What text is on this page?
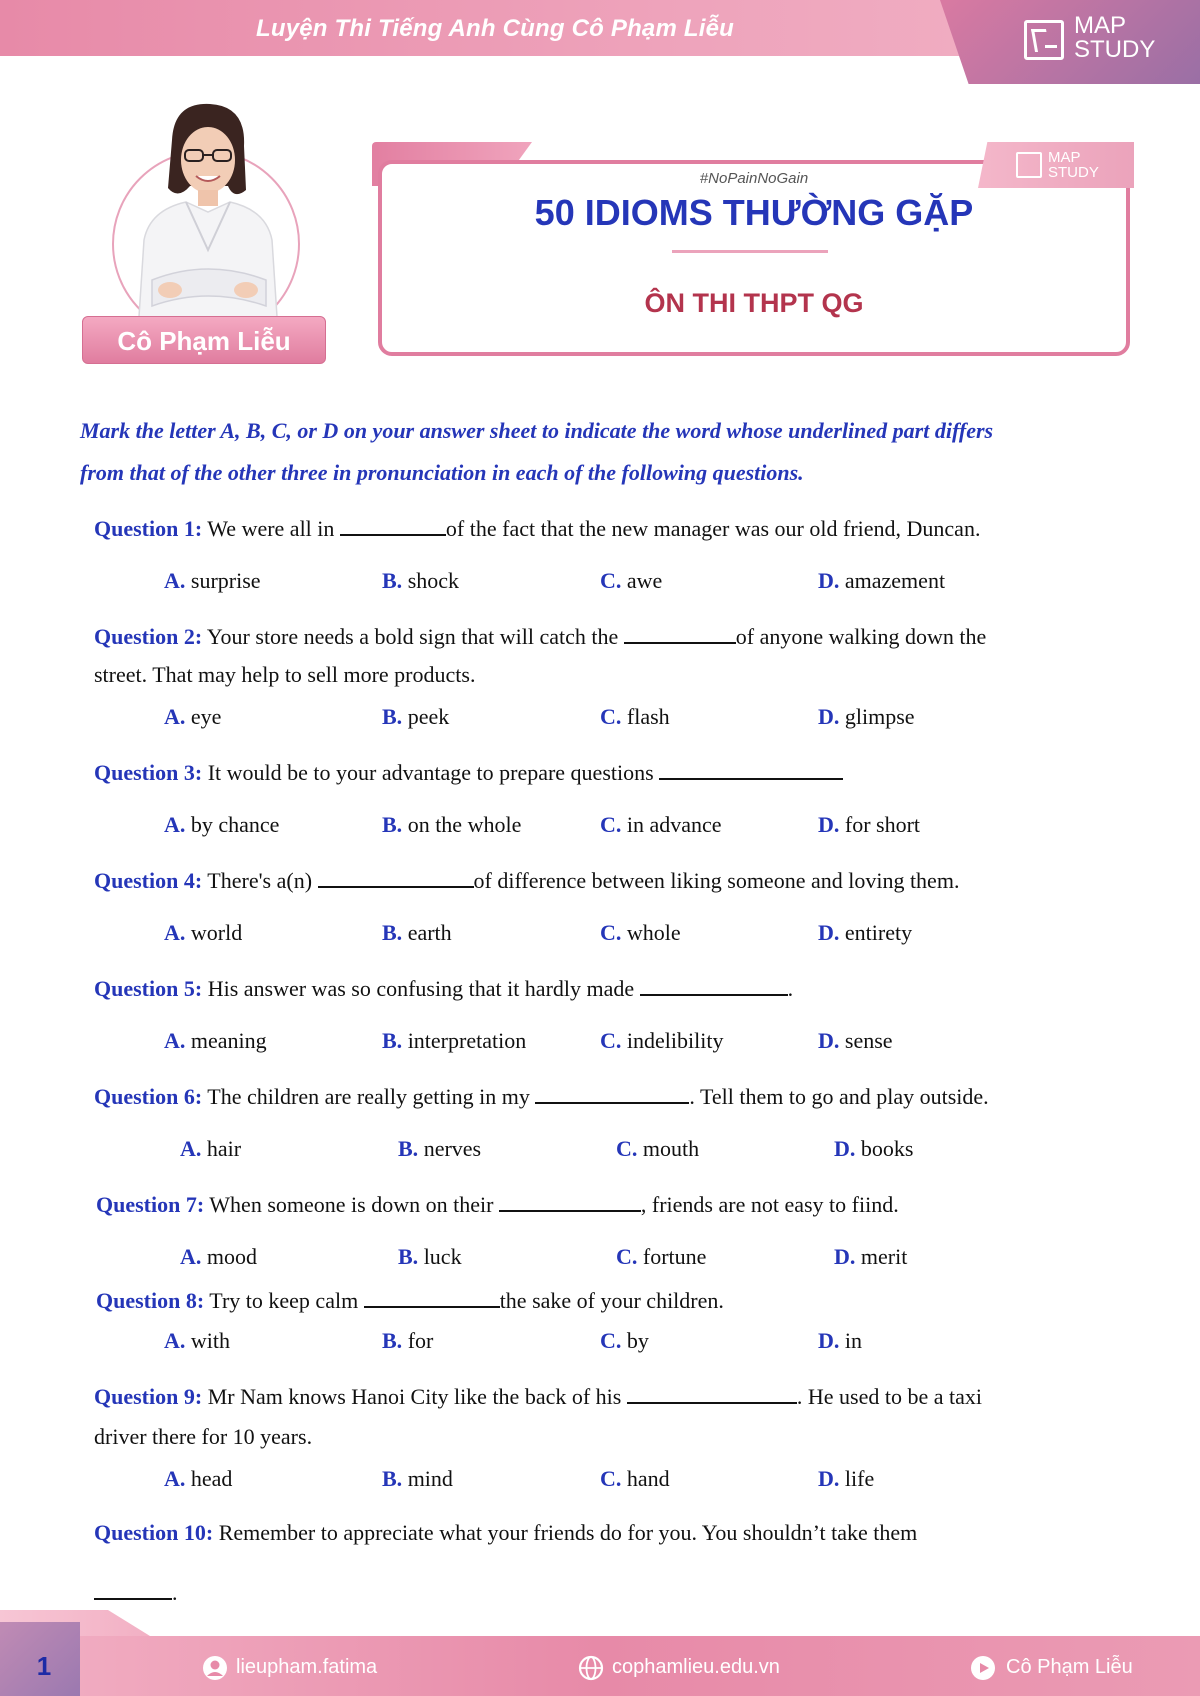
Luyện Thi Tiếng Anh Cùng Cô Phạm Liễu	MAP
STUDY
Cô Phạm Liễu
MAP
STUDY
#NoPainNoGain
50 IDIOMS THƯỜNG GẶP
ÔN THI THPT QG
Mark the letter A, B, C, or D on your answer sheet to indicate the word whose underlined part differs
from that of the other three in pronunciation in each of the following questions.
Question 1: We were all in	of the fact that the new manager was our old friend, Duncan.
A. surprise	B. shock	C. awe	D. amazement
Question 2: Your store needs a bold sign that will catch the	of anyone walking down the
street. That may help to sell more products.
A. eye	B. peek	C. flash	D. glimpse
Question 3: It would be to your advantage to prepare questions
A. by chance	B. on the whole	C. in advance	D. for short
Question 4: There's a(n)	of difference between liking someone and loving them.
A. world	B. earth	C. whole	D. entirety
Question 5: His answer was so confusing that it hardly made	.
A. meaning	B. interpretation	C. indelibility	D. sense
Question 6: The children are really getting in my	. Tell them to go and play outside.
A. hair	B. nerves	C. mouth	D. books
Question 7: When someone is down on their	, friends are not easy to fiind.
A. mood	B. luck	C. fortune	D. merit
Question 8: Try to keep calm	the sake of your children.
A. with	B. for	C. by	D. in
Question 9: Mr Nam knows Hanoi City like the back of his	. He used to be a taxi
driver there for 10 years.
A. head	B. mind	C. hand	D. life
Question 10: Remember to appreciate what your friends do for you. You shouldn’t take them
.
1	lieupham.fatima	cophamlieu.edu.vn	Cô Phạm Liễu
